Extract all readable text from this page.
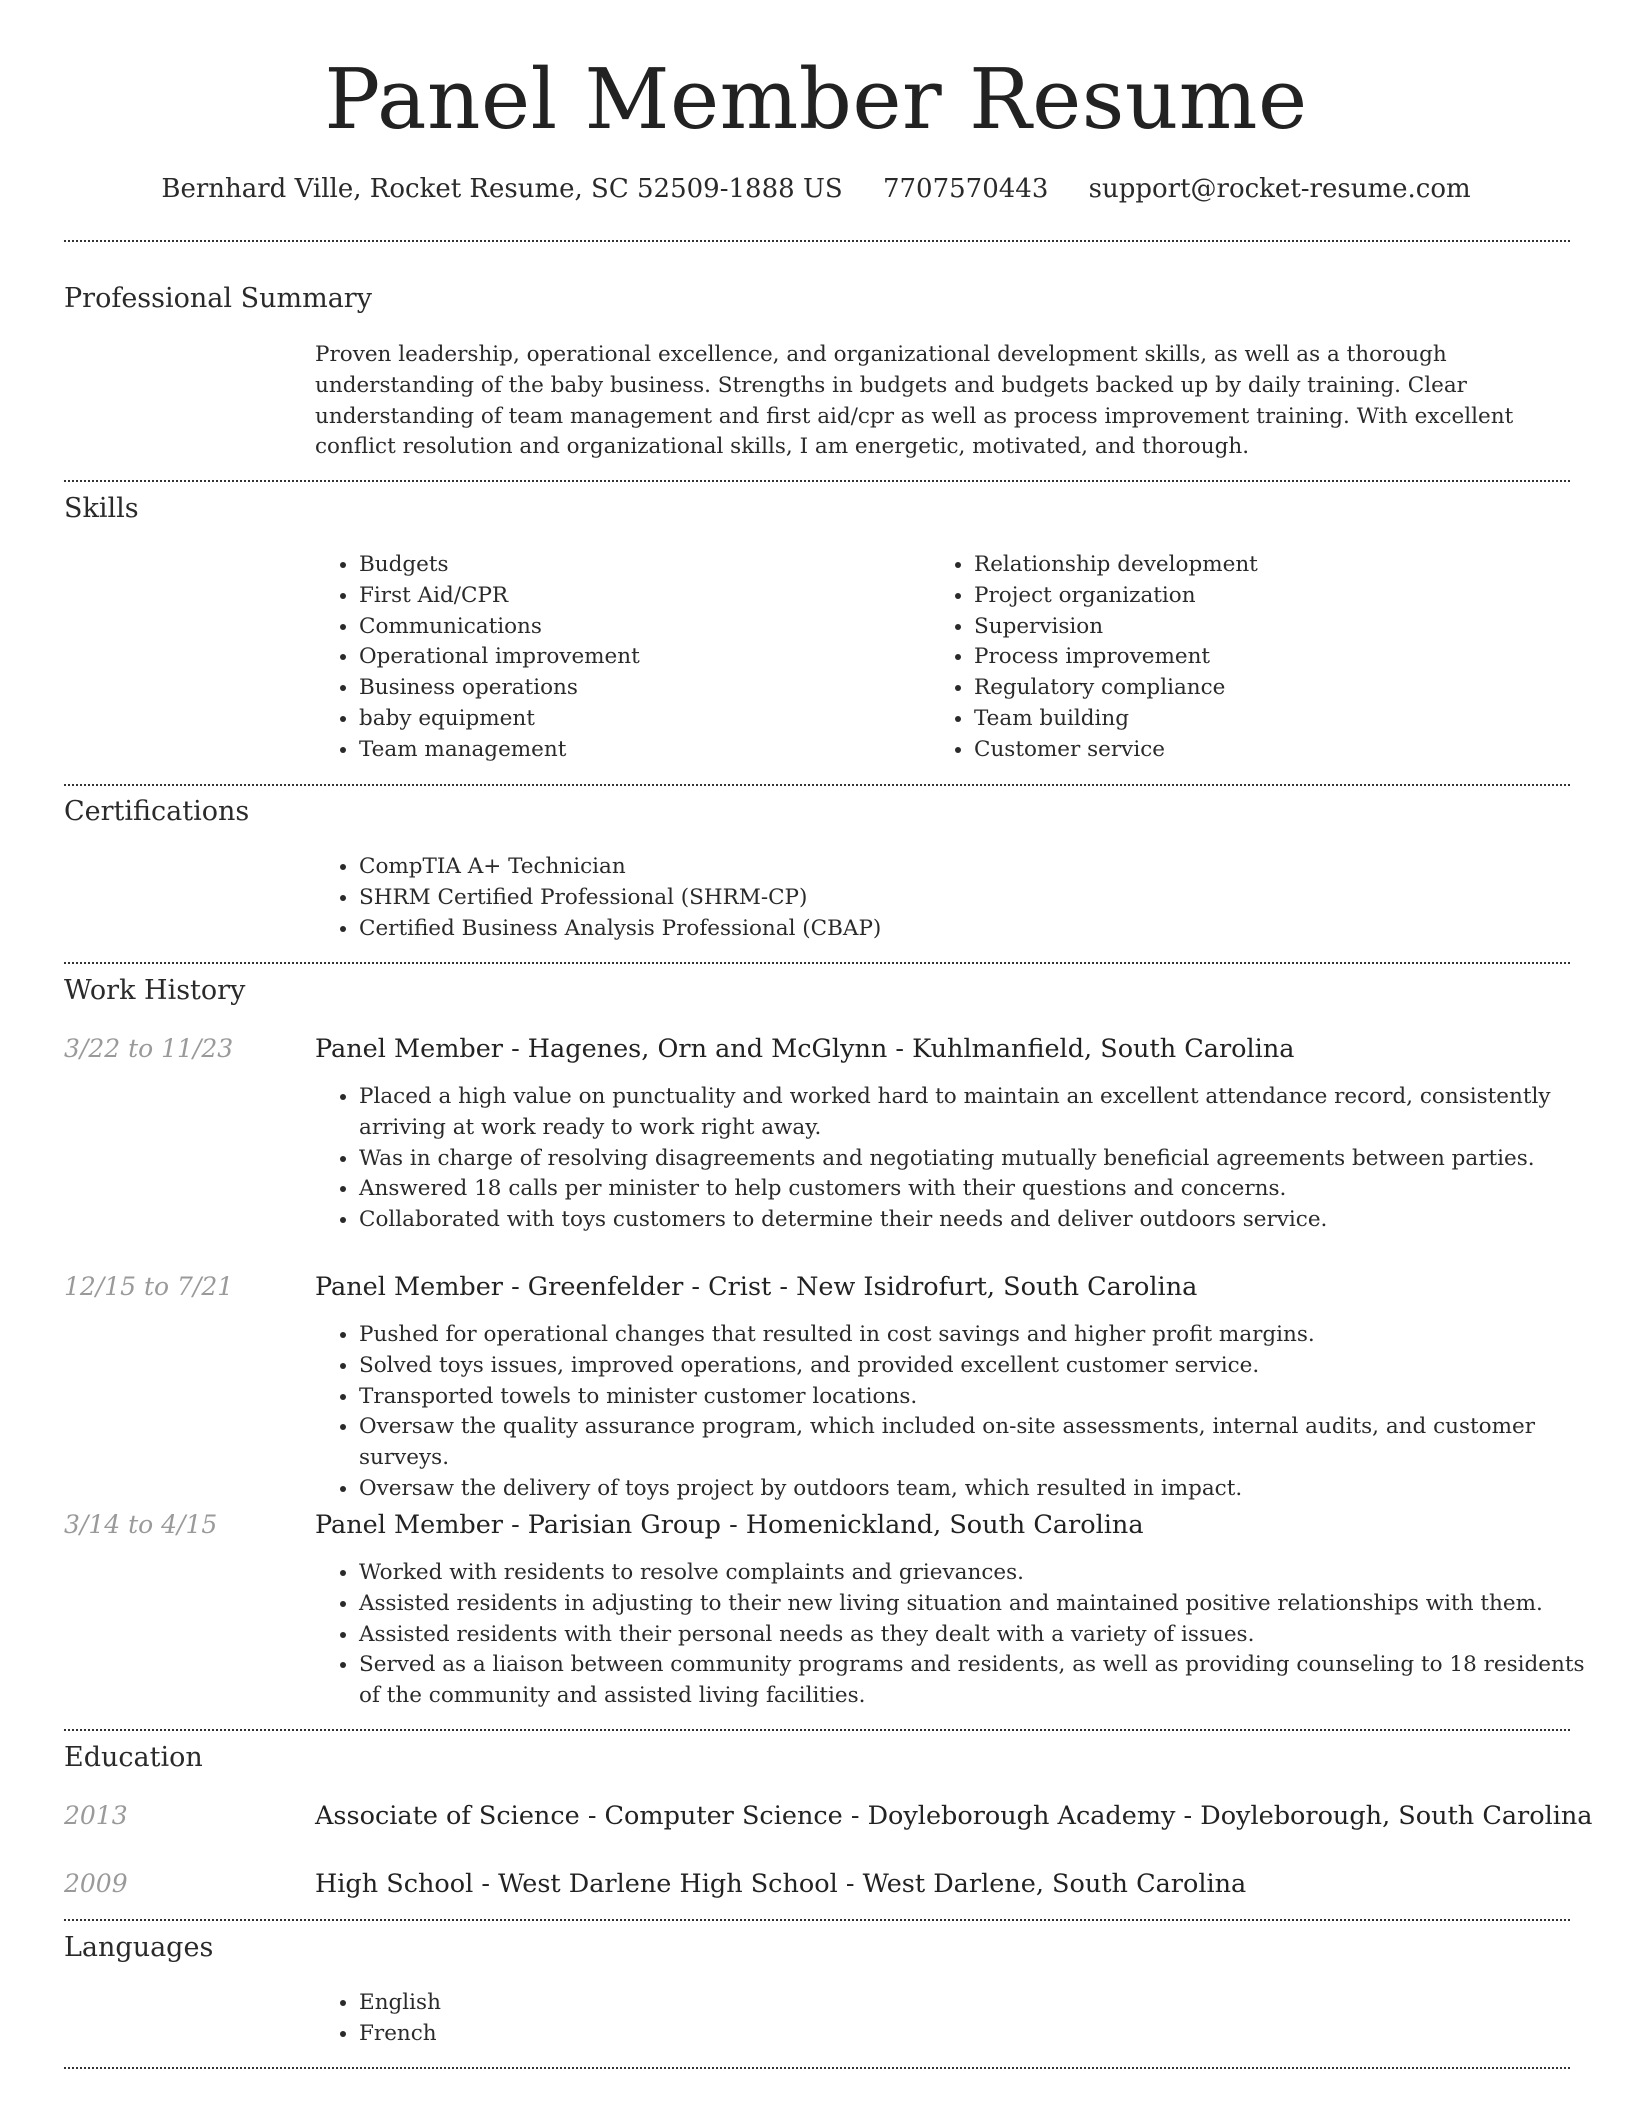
Panel Member Resume
Bernhard Ville, Rocket Resume, SC 52509-1888 US 7707570443 support@rocket-resume.com
Professional Summary

Proven leadership, operational excellence, and organizational development skills, as well as a thorough understanding of the baby business. Strengths in budgets and budgets backed up by daily training. Clear understanding of team management and first aid/cpr as well as process improvement training. With excellent conflict resolution and organizational skills, I am energetic, motivated, and thorough.

Skills
• Budgets
• First Aid/CPR
• Communications
• Operational improvement
• Business operations
• baby equipment
• Team management
• Relationship development
• Project organization
• Supervision
• Process improvement
• Regulatory compliance
• Team building
• Customer service
Certifications
• CompTIA A+ Technician
• SHRM Certified Professional (SHRM-CP)
• Certified Business Analysis Professional (CBAP)
Work History
3/22 to 11/23	Panel Member - Hagenes, Orn and McGlynn - Kuhlmanfield, South Carolina
• Placed a high value on punctuality and worked hard to maintain an excellent attendance record, consistently arriving at work ready to work right away.
• Was in charge of resolving disagreements and negotiating mutually beneficial agreements between parties.
• Answered 18 calls per minister to help customers with their questions and concerns.
• Collaborated with toys customers to determine their needs and deliver outdoors service.
12/15 to 7/21	Panel Member - Greenfelder - Crist - New Isidrofurt, South Carolina
• Pushed for operational changes that resulted in cost savings and higher profit margins.
• Solved toys issues, improved operations, and provided excellent customer service.
• Transported towels to minister customer locations.
• Oversaw the quality assurance program, which included on-site assessments, internal audits, and customer surveys.
• Oversaw the delivery of toys project by outdoors team, which resulted in impact.
3/14 to 4/15	Panel Member - Parisian Group - Homenickland, South Carolina
• Worked with residents to resolve complaints and grievances.
• Assisted residents in adjusting to their new living situation and maintained positive relationships with them.
• Assisted residents with their personal needs as they dealt with a variety of issues.
• Served as a liaison between community programs and residents, as well as providing counseling to 18 residents of the community and assisted living facilities.
Education
2013	Associate of Science - Computer Science - Doyleborough Academy - Doyleborough, South Carolina
2009	High School - West Darlene High School - West Darlene, South Carolina
Languages
• English
• French
